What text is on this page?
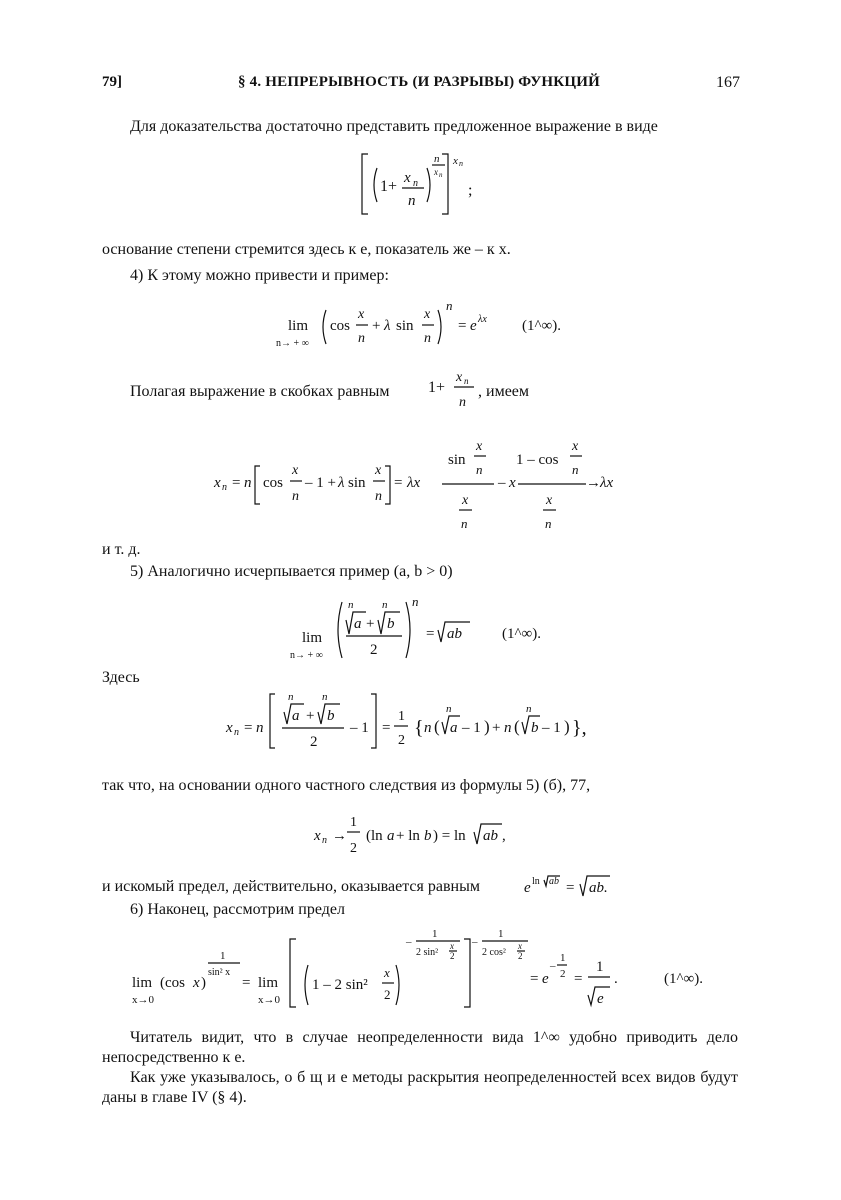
79]	§ 4. НЕПРЕРЫВНОСТЬ (И РАЗРЫВЫ) ФУНКЦИЙ	167
Для доказательства достаточно представить предложенное выражение в виде
1+ x n
n
n
x n
x n
;
основание степени стремится здесь к e, показатель же – к x.
4) К этому можно привести и пример:
lim
n→ + ∞
cos
x
n
+ λ sin
x
n
n
= e λx (1^∞).
Полагая выражение в скобках равным 1+
x n
n
, имеем
x n = n cos
x
n
– 1 + λ sin
x
n
= λx
sin
x
n
x
n
– x
1 – cos
x
n
x
n
→ λx
и т. д.
5) Аналогично исчерпывается пример (a, b > 0)
lim
n→ + ∞
n
a +
n
b
2
n
= ab	(1^∞).
Здесь
x n = n
n
a +
n
b
2
– 1 =
1
2
{ n (
n
a – 1 ) + n (
n
b – 1 ) },
так что, на основании одного частного следствия из формулы 5) (б), 77,
x n →
1
2
(ln a + ln b ) = ln ab ,
и искомый предел, действительно, оказывается равным	e ln ab = ab.
6) Наконец, рассмотрим предел
lim
x→0
(cos x )
1
sin² x
= lim
x→0
1 – 2 sin²
x
2
–
1
2 sin²
x
2
–
1
2 cos²
x
2
= e
–
1
2 =
1
e
.	(1^∞).
Читатель видит, что в случае неопределенности вида 1^∞ удобно приводить дело непосредственно к e.
Как уже указывалось, о б щ и е методы раскрытия неопределенностей всех видов будут даны в главе IV (§ 4).
